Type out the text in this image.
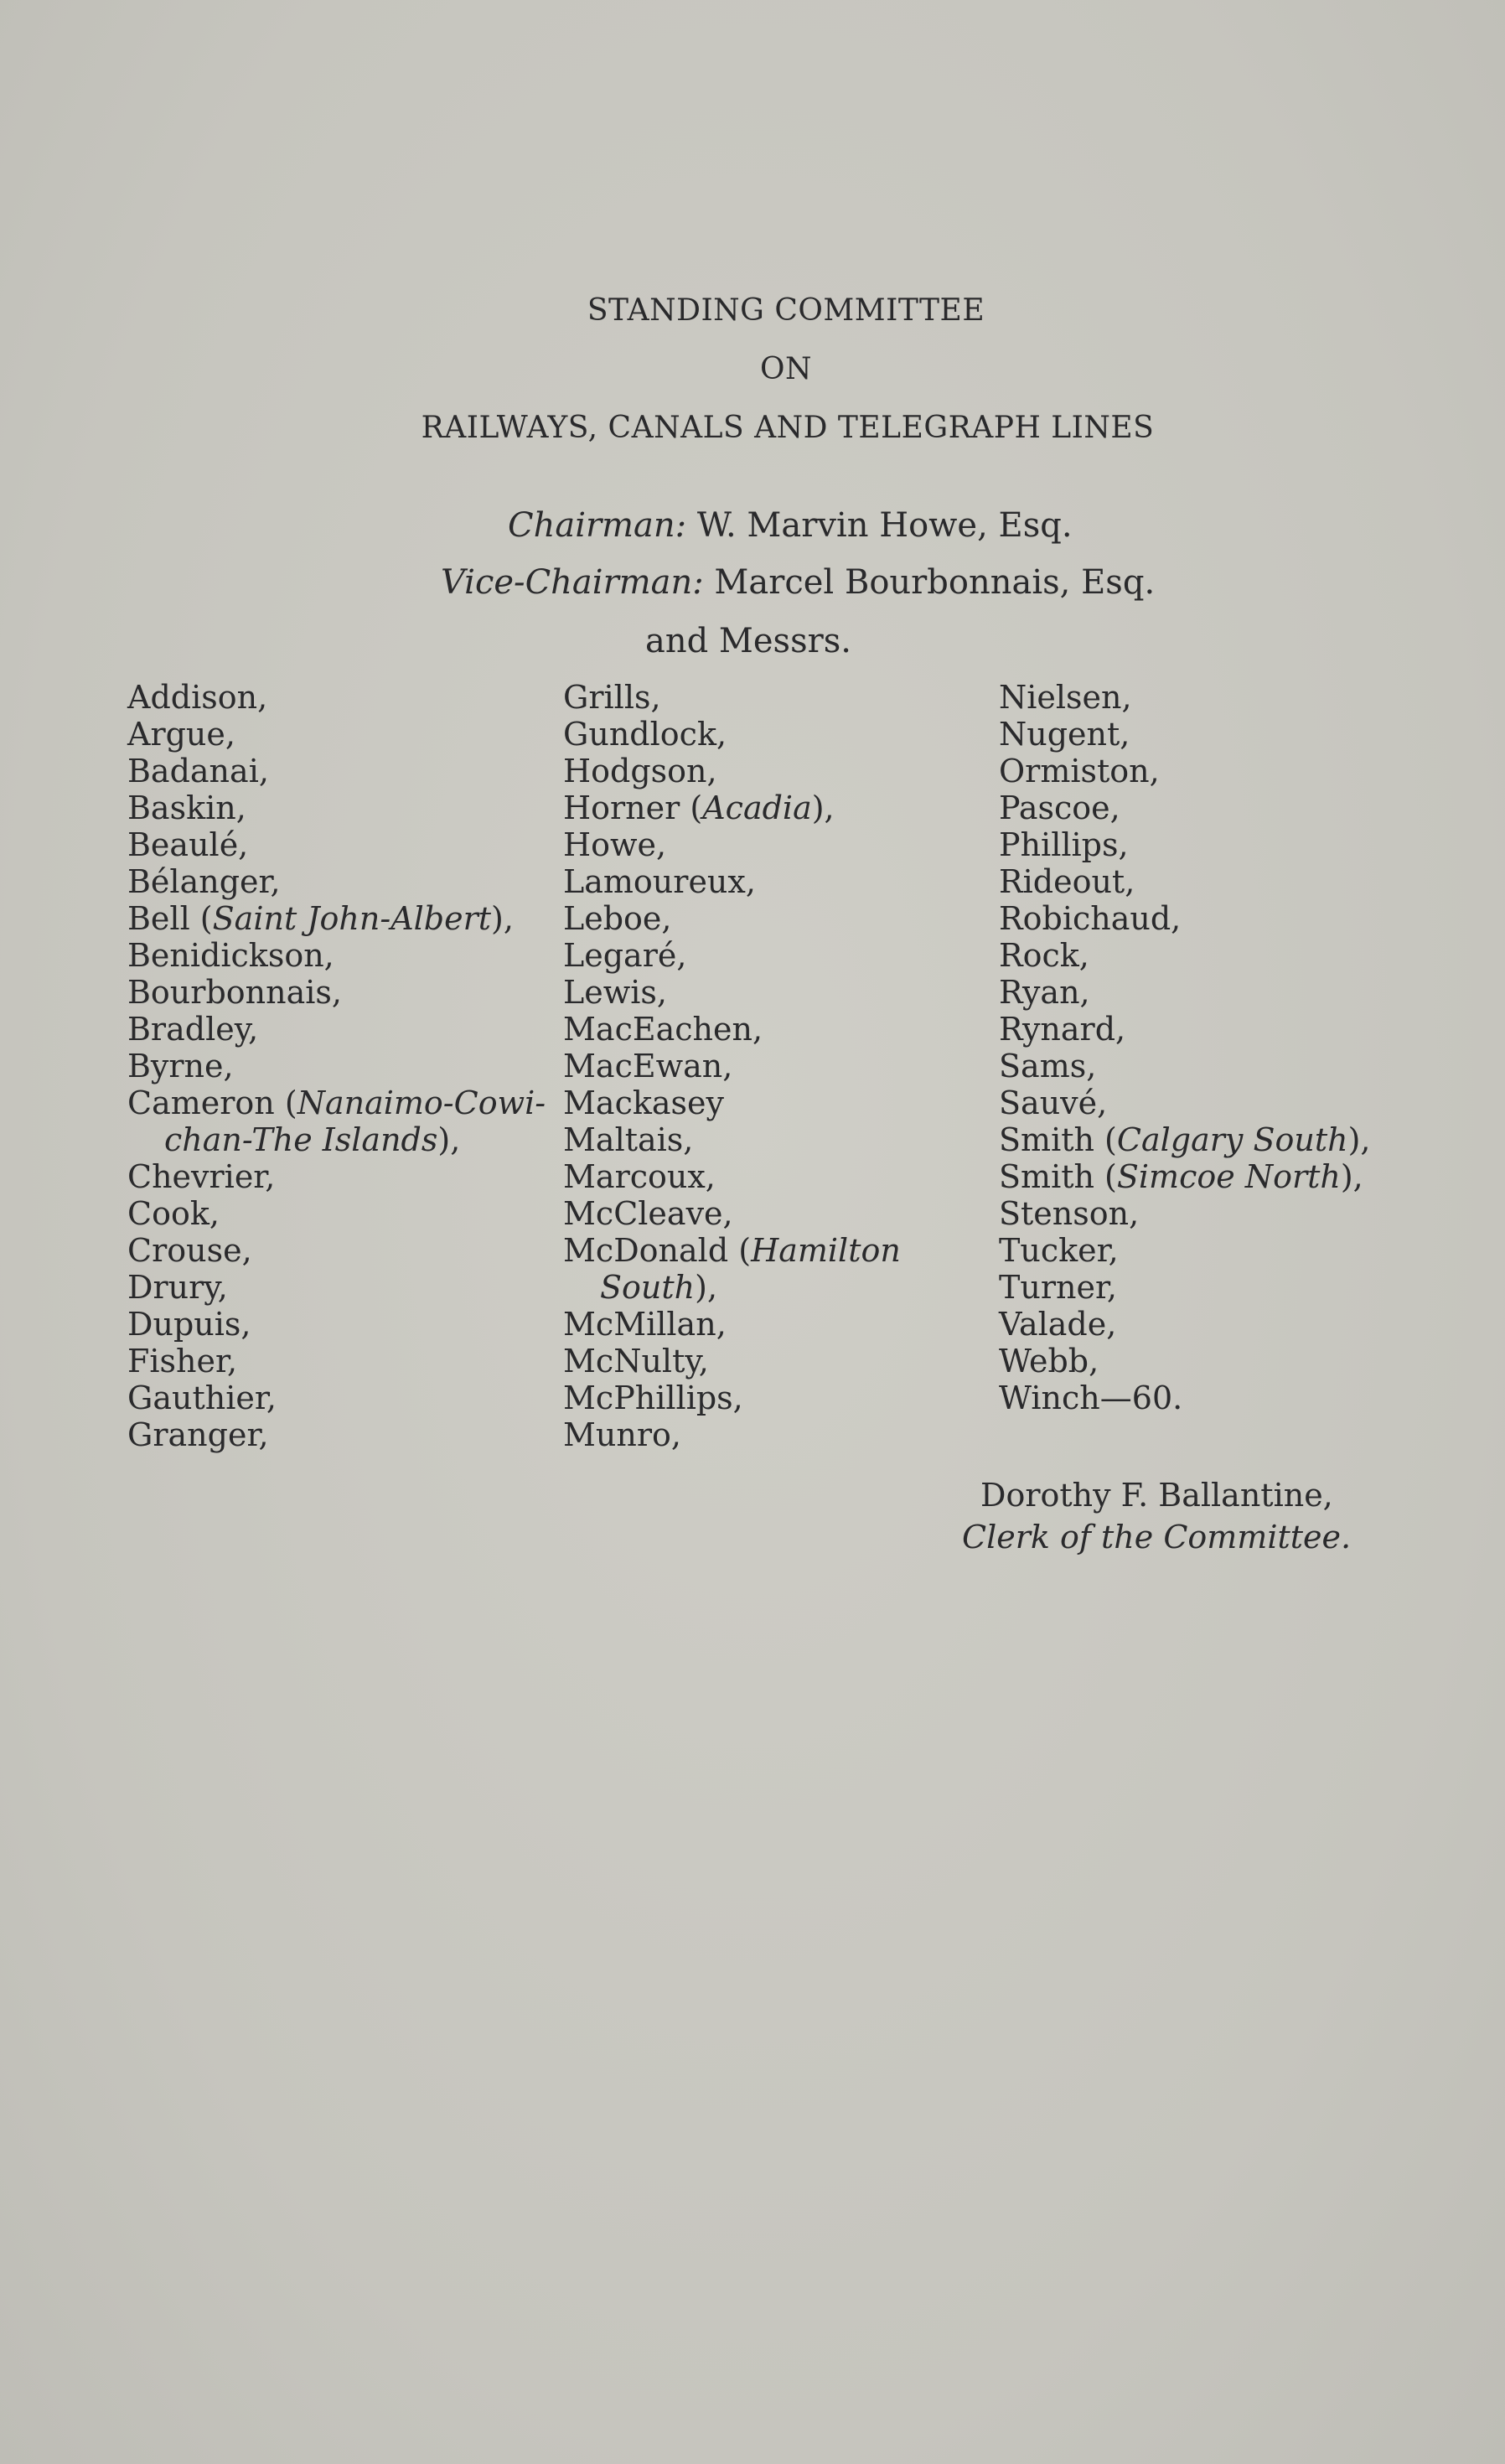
STANDING COMMITTEE
ON
RAILWAYS, CANALS AND TELEGRAPH LINES
Chairman: W. Marvin Howe, Esq.
Vice-Chairman: Marcel Bourbonnais, Esq.
and Messrs.
Addison,
Argue,
Badanai,
Baskin,
Beaulé,
Bélanger,
Bell (Saint John-Albert),
Benidickson,
Bourbonnais,
Bradley,
Byrne,
Cameron (Nanaimo-Cowi-
chan-The Islands),
Chevrier,
Cook,
Crouse,
Drury,
Dupuis,
Fisher,
Gauthier,
Granger,
Grills,
Gundlock,
Hodgson,
Horner (Acadia),
Howe,
Lamoureux,
Leboe,
Legaré,
Lewis,
MacEachen,
MacEwan,
Mackasey
Maltais,
Marcoux,
McCleave,
McDonald (Hamilton
South),
McMillan,
McNulty,
McPhillips,
Munro,
Nielsen,
Nugent,
Ormiston,
Pascoe,
Phillips,
Rideout,
Robichaud,
Rock,
Ryan,
Rynard,
Sams,
Sauvé,
Smith (Calgary South),
Smith (Simcoe North),
Stenson,
Tucker,
Turner,
Valade,
Webb,
Winch—60.
Dorothy F. Ballantine,
Clerk of the Committee.
